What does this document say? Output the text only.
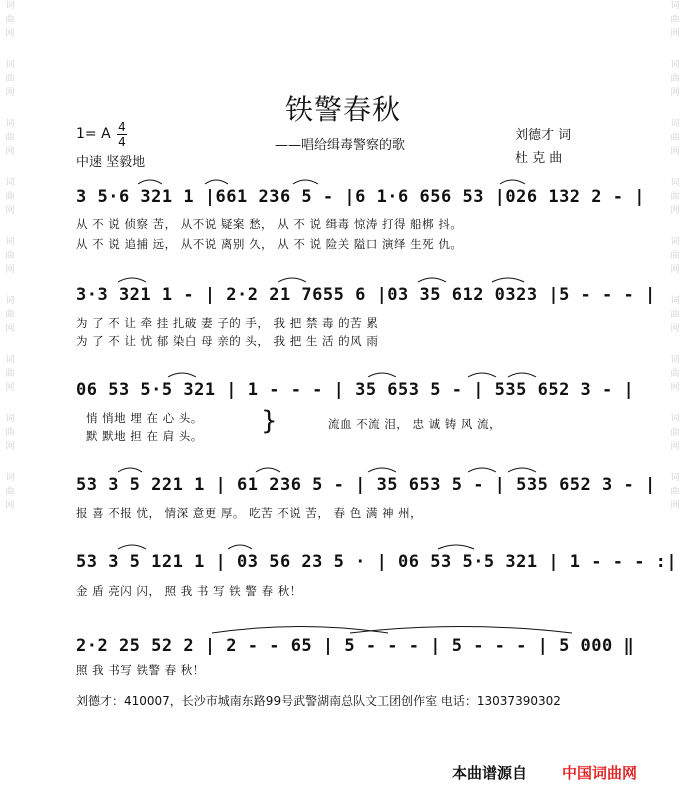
词
曲
网
词
曲
网
词
曲
网
词
曲
网
词
曲
网
词
曲
网
词
曲
网
词
曲
网
词
曲
网
词
曲
网
词
曲
网
词
曲
网
词
曲
网
词
曲
网
词
曲
网
词
曲
网
词
曲
网
词
曲
网
铁警春秋
——唱给缉毒警察的歌
1= A 4
4
中速 坚毅地
刘德才 词
杜 克 曲
3 5·6 321 1 |661 236 5 - |6 1·6 656 53 |026 132 2 - |
从 不 说 侦察 苦， 从不说 疑案 愁， 从 不 说 缉毒 惊涛 打得 船梆 抖。
从 不 说 追捕 远， 从不说 离别 久， 从 不 说 险关 隘口 演绎 生死 仇。
3·3 321 1 - | 2·2 21 7655 6 |03 35 612 0323 |5 - - - |
为 了 不 让 牵 挂 扎破 妻 子的 手， 我 把 禁 毒 的苦 累
为 了 不 让 忧 郁 染白 母 亲的 头， 我 把 生 活 的风 雨
06 53 5·5 321 | 1 - - - | 35 653 5 - | 535 652 3 - |
悄 悄地 埋 在 心 头。
默 默地 担 在 肩 头。 }	流血 不流 泪， 忠 诚 铸 风 流，
53 3 5 221 1 | 61 236 5 - | 35 653 5 - | 535 652 3 - |
报 喜 不报 忧， 情深 意更 厚。 吃苦 不说 苦， 春 色 满 神 州，
53 3 5 121 1 | 03 56 23 5 · | 06 53 5·5 321 | 1 - - - :|
金 盾 亮闪 闪， 照 我 书 写 铁 警 春 秋！
2·2 25 52 2 | 2 - - 65 | 5 - - - | 5 - - - | 5 000 ‖
照 我 书写 铁警 春 秋！
刘德才：410007，长沙市城南东路99号武警湖南总队文工团创作室 电话：13037390302
本曲谱源自 中国词曲网
